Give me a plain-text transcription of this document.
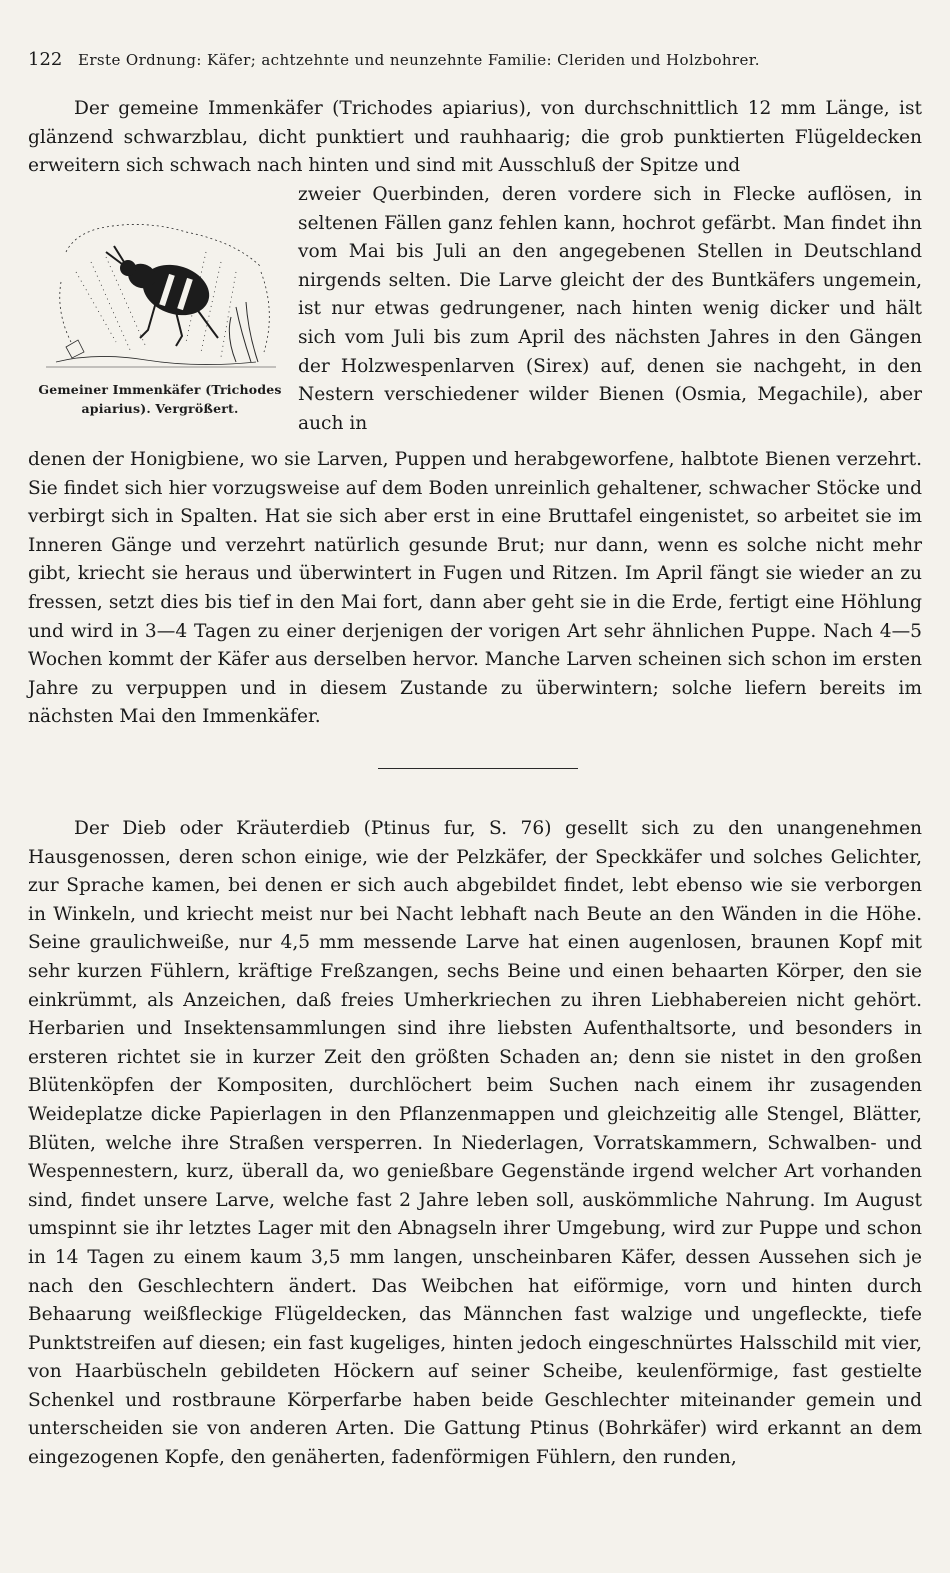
122 Erste Ordnung: Käfer; achtzehnte und neunzehnte Familie: Cleriden und Holzbohrer.

Der gemeine Immenkäfer (Trichodes apiarius), von durchschnittlich 12 mm Länge, ist glänzend schwarzblau, dicht punktiert und rauhhaarig; die grob punktierten Flügeldecken erweitern sich schwach nach hinten und sind mit Ausschluß der Spitze und

Gemeiner Immenkäfer (Trichodes apiarius). Vergrößert.

zweier Querbinden, deren vordere sich in Flecke auflösen, in seltenen Fällen ganz fehlen kann, hochrot gefärbt. Man findet ihn vom Mai bis Juli an den angegebenen Stellen in Deutschland nirgends selten. Die Larve gleicht der des Buntkäfers ungemein, ist nur etwas gedrungener, nach hinten wenig dicker und hält sich vom Juli bis zum April des nächsten Jahres in den Gängen der Holzwespenlarven (Sirex) auf, denen sie nachgeht, in den Nestern verschiedener wilder Bienen (Osmia, Megachile), aber auch in

denen der Honigbiene, wo sie Larven, Puppen und herabgeworfene, halbtote Bienen verzehrt. Sie findet sich hier vorzugsweise auf dem Boden unreinlich gehaltener, schwacher Stöcke und verbirgt sich in Spalten. Hat sie sich aber erst in eine Bruttafel eingenistet, so arbeitet sie im Inneren Gänge und verzehrt natürlich gesunde Brut; nur dann, wenn es solche nicht mehr gibt, kriecht sie heraus und überwintert in Fugen und Ritzen. Im April fängt sie wieder an zu fressen, setzt dies bis tief in den Mai fort, dann aber geht sie in die Erde, fertigt eine Höhlung und wird in 3—4 Tagen zu einer derjenigen der vorigen Art sehr ähnlichen Puppe. Nach 4—5 Wochen kommt der Käfer aus derselben hervor. Manche Larven scheinen sich schon im ersten Jahre zu verpuppen und in diesem Zustande zu überwintern; solche liefern bereits im nächsten Mai den Immenkäfer.

Der Dieb oder Kräuterdieb (Ptinus fur, S. 76) gesellt sich zu den unangenehmen Hausgenossen, deren schon einige, wie der Pelzkäfer, der Speckkäfer und solches Gelichter, zur Sprache kamen, bei denen er sich auch abgebildet findet, lebt ebenso wie sie verborgen in Winkeln, und kriecht meist nur bei Nacht lebhaft nach Beute an den Wänden in die Höhe. Seine graulichweiße, nur 4,5 mm messende Larve hat einen augenlosen, braunen Kopf mit sehr kurzen Fühlern, kräftige Freßzangen, sechs Beine und einen behaarten Körper, den sie einkrümmt, als Anzeichen, daß freies Umherkriechen zu ihren Liebhabereien nicht gehört. Herbarien und Insektensammlungen sind ihre liebsten Aufenthaltsorte, und besonders in ersteren richtet sie in kurzer Zeit den größten Schaden an; denn sie nistet in den großen Blütenköpfen der Kompositen, durchlöchert beim Suchen nach einem ihr zusagenden Weideplatze dicke Papierlagen in den Pflanzenmappen und gleichzeitig alle Stengel, Blätter, Blüten, welche ihre Straßen versperren. In Niederlagen, Vorratskammern, Schwalben- und Wespennestern, kurz, überall da, wo genießbare Gegenstände irgend welcher Art vorhanden sind, findet unsere Larve, welche fast 2 Jahre leben soll, auskömmliche Nahrung. Im August umspinnt sie ihr letztes Lager mit den Abnagseln ihrer Umgebung, wird zur Puppe und schon in 14 Tagen zu einem kaum 3,5 mm langen, unscheinbaren Käfer, dessen Aussehen sich je nach den Geschlechtern ändert. Das Weibchen hat eiförmige, vorn und hinten durch Behaarung weißfleckige Flügeldecken, das Männchen fast walzige und ungefleckte, tiefe Punktstreifen auf diesen; ein fast kugeliges, hinten jedoch eingeschnürtes Halsschild mit vier, von Haarbüscheln gebildeten Höckern auf seiner Scheibe, keulenförmige, fast gestielte Schenkel und rostbraune Körperfarbe haben beide Geschlechter miteinander gemein und unterscheiden sie von anderen Arten. Die Gattung Ptinus (Bohrkäfer) wird erkannt an dem eingezogenen Kopfe, den genäherten, fadenförmigen Fühlern, den runden,
